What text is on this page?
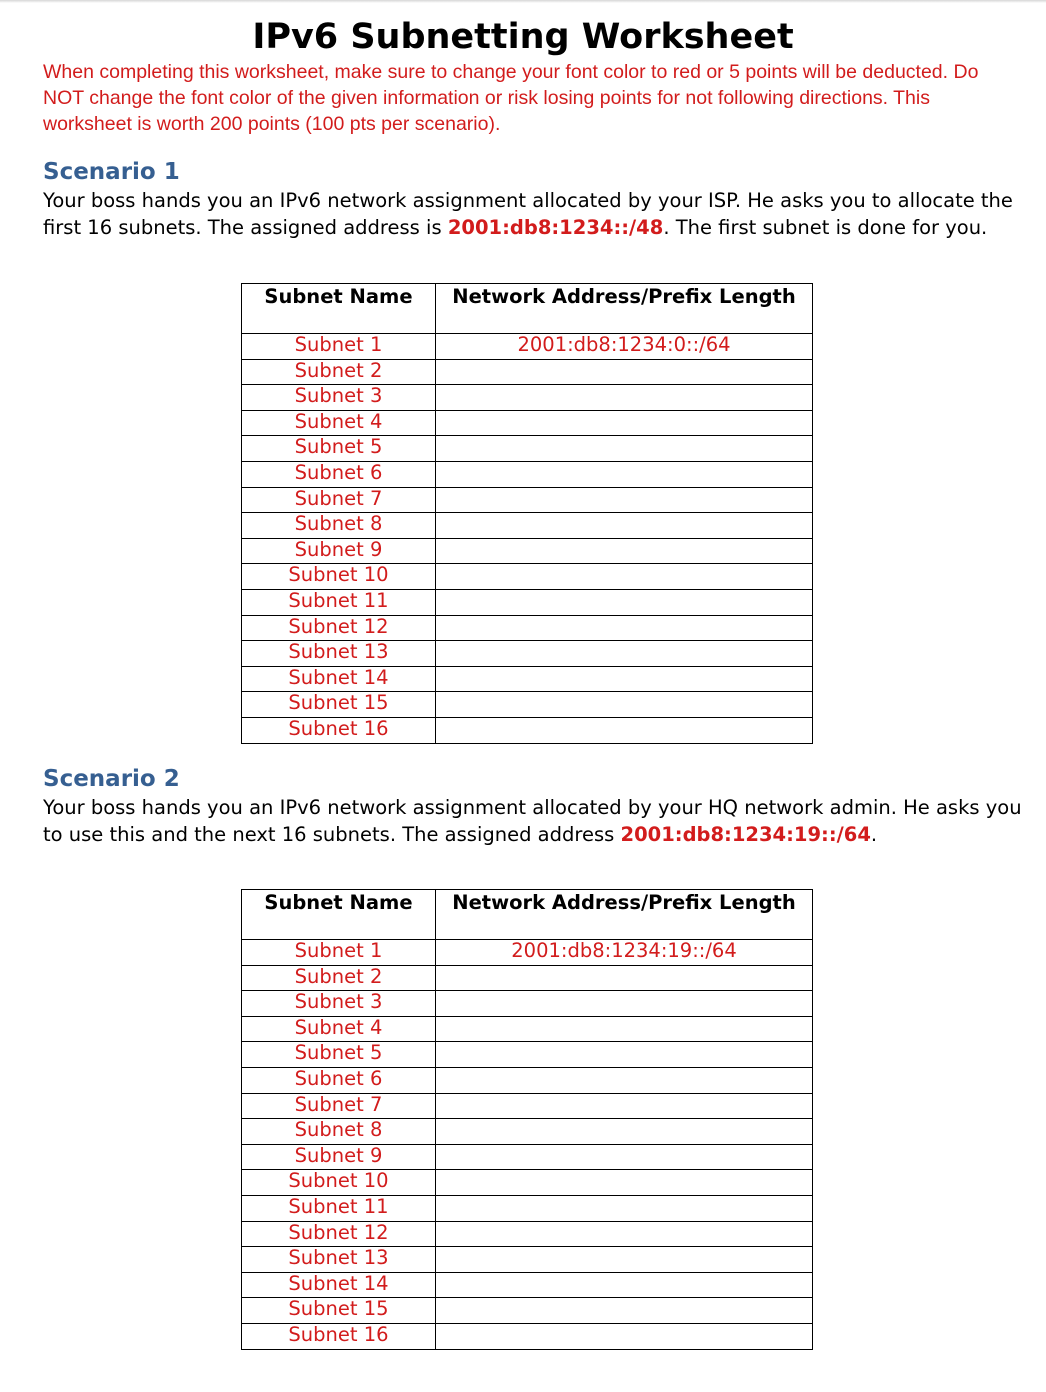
IPv6 Subnetting Worksheet
When completing this worksheet, make sure to change your font color to red or 5 points will be deducted. Do NOT change the font color of the given information or risk losing points for not following directions. This worksheet is worth 200 points (100 pts per scenario).
Scenario 1
Your boss hands you an IPv6 network assignment allocated by your ISP. He asks you to allocate the first 16 subnets. The assigned address is 2001:db8:1234::/48. The first subnet is done for you.
Subnet Name	Network Address/Prefix Length
Subnet 1	2001:db8:1234:0::/64
Subnet 2	
Subnet 3	
Subnet 4	
Subnet 5	
Subnet 6	
Subnet 7	
Subnet 8	
Subnet 9	
Subnet 10	
Subnet 11	
Subnet 12	
Subnet 13	
Subnet 14	
Subnet 15	
Subnet 16	
Scenario 2
Your boss hands you an IPv6 network assignment allocated by your HQ network admin. He asks you to use this and the next 16 subnets. The assigned address 2001:db8:1234:19::/64.
Subnet Name	Network Address/Prefix Length
Subnet 1	2001:db8:1234:19::/64
Subnet 2	
Subnet 3	
Subnet 4	
Subnet 5	
Subnet 6	
Subnet 7	
Subnet 8	
Subnet 9	
Subnet 10	
Subnet 11	
Subnet 12	
Subnet 13	
Subnet 14	
Subnet 15	
Subnet 16	
